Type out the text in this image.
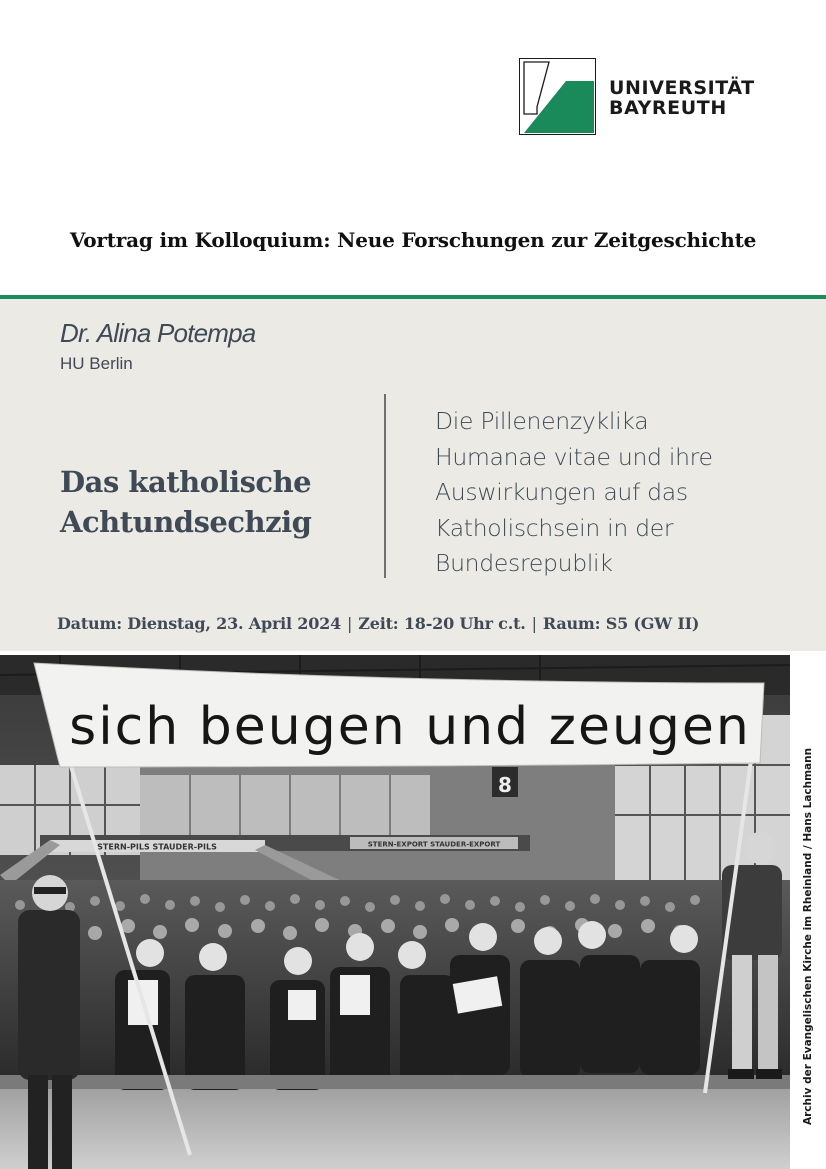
UNIVERSITÄT
BAYREUTH
Vortrag im Kolloquium: Neue Forschungen zur Zeitgeschichte
Dr. Alina Potempa
HU Berlin
Das katholische
Achtundsechzig
Die Pillenenzyklika
Humanae vitae und ihre
Auswirkungen auf das
Katholischsein in der
Bundesrepublik
Datum: Dienstag, 23. April 2024 | Zeit: 18-20 Uhr c.t. | Raum: S5 (GW II)
8
STERN-PILS STAUDER-PILS	STERN-EXPORT STAUDER-EXPORT
sich beugen und zeugen
Archiv der Evangelischen Kirche im Rheinland / Hans Lachmann
